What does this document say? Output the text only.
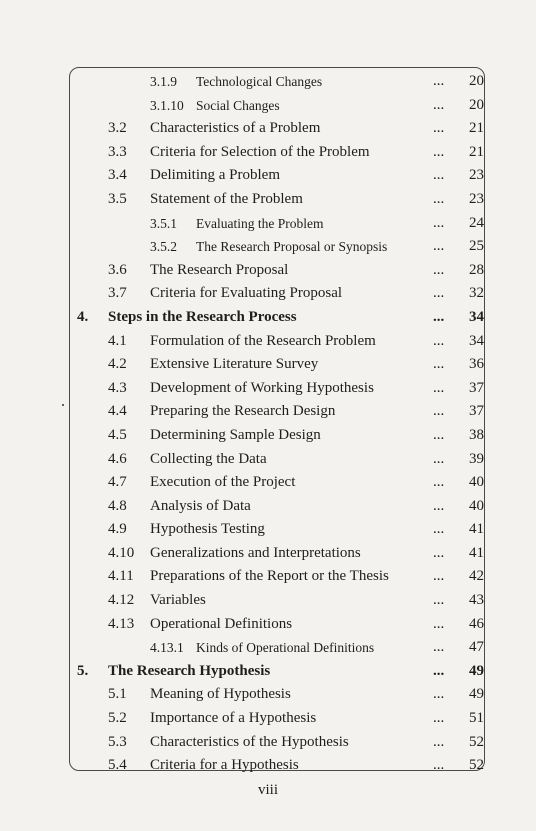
3.1.9 Technological Changes	...	20
3.1.10 Social Changes	...	20
3.2 Characteristics of a Problem	...	21
3.3 Criteria for Selection of the Problem	...	21
3.4 Delimiting a Problem	...	23
3.5 Statement of the Problem	...	23
3.5.1 Evaluating the Problem	...	24
3.5.2 The Research Proposal or Synopsis	...	25
3.6 The Research Proposal	...	28
3.7 Criteria for Evaluating Proposal	...	32
4. Steps in the Research Process	...	34
4.1 Formulation of the Research Problem	...	34
4.2 Extensive Literature Survey	...	36
4.3 Development of Working Hypothesis	...	37
4.4 Preparing the Research Design	...	37
4.5 Determining Sample Design	...	38
4.6 Collecting the Data	...	39
4.7 Execution of the Project	...	40
4.8 Analysis of Data	...	40
4.9 Hypothesis Testing	...	41
4.10 Generalizations and Interpretations	...	41
4.11 Preparations of the Report or the Thesis	...	42
4.12 Variables	...	43
4.13 Operational Definitions	...	46
4.13.1 Kinds of Operational Definitions	...	47
5. The Research Hypothesis	...	49
5.1 Meaning of Hypothesis	...	49
5.2 Importance of a Hypothesis	...	51
5.3 Characteristics of the Hypothesis	...	52
5.4 Criteria for a Hypothesis	...	52
viii
